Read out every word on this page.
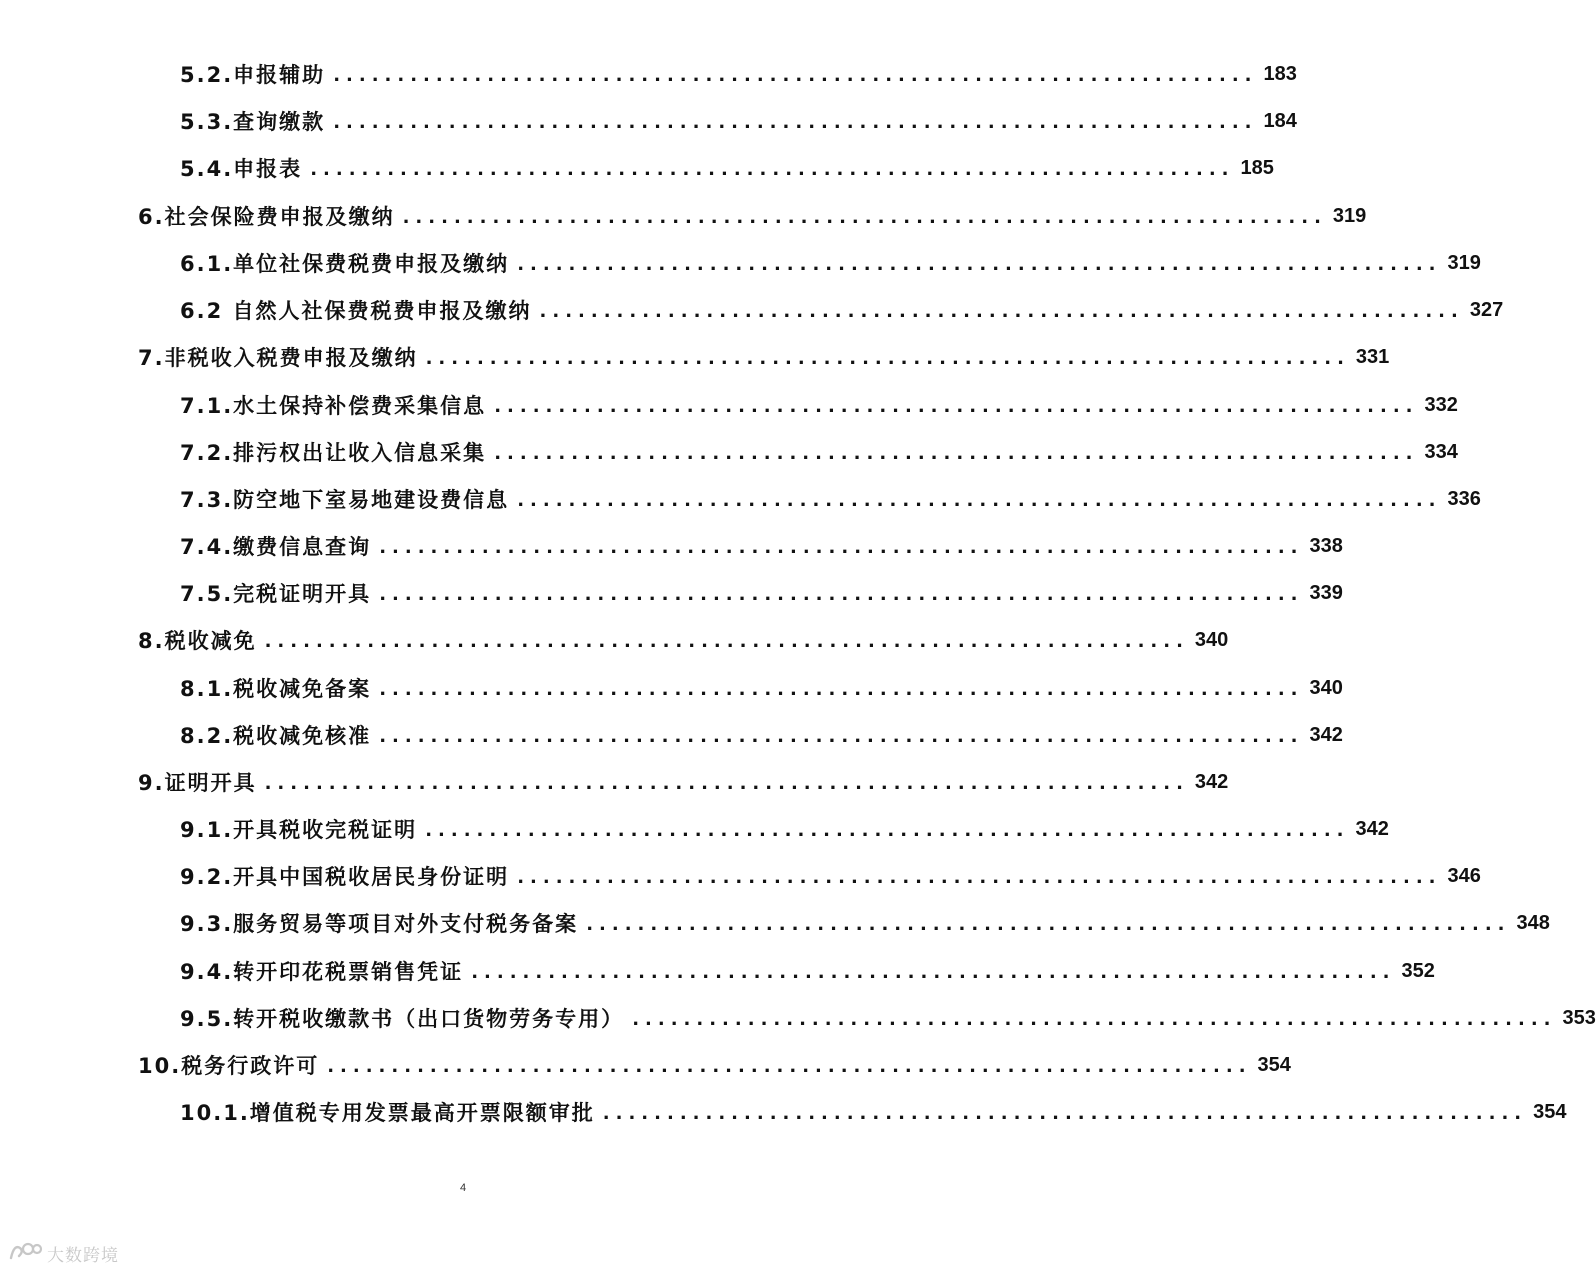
5.2.申报辅助 ........................................................................ 183
5.3.查询缴款 ........................................................................ 184
5.4.申报表 ........................................................................ 185
6.社会保险费申报及缴纳 ........................................................................ 319
6.1.单位社保费税费申报及缴纳 ........................................................................ 319
6.2 自然人社保费税费申报及缴纳 ........................................................................ 327
7.非税收入税费申报及缴纳 ........................................................................ 331
7.1.水土保持补偿费采集信息 ........................................................................ 332
7.2.排污权出让收入信息采集 ........................................................................ 334
7.3.防空地下室易地建设费信息 ........................................................................ 336
7.4.缴费信息查询 ........................................................................ 338
7.5.完税证明开具 ........................................................................ 339
8.税收减免 ........................................................................ 340
8.1.税收减免备案 ........................................................................ 340
8.2.税收减免核准 ........................................................................ 342
9.证明开具 ........................................................................ 342
9.1.开具税收完税证明 ........................................................................ 342
9.2.开具中国税收居民身份证明 ........................................................................ 346
9.3.服务贸易等项目对外支付税务备案 ........................................................................ 348
9.4.转开印花税票销售凭证 ........................................................................ 352
9.5.转开税收缴款书（出口货物劳务专用） ........................................................................ 353
10.税务行政许可 ........................................................................ 354
10.1.增值税专用发票最高开票限额审批 ........................................................................ 354
4
大数跨境
